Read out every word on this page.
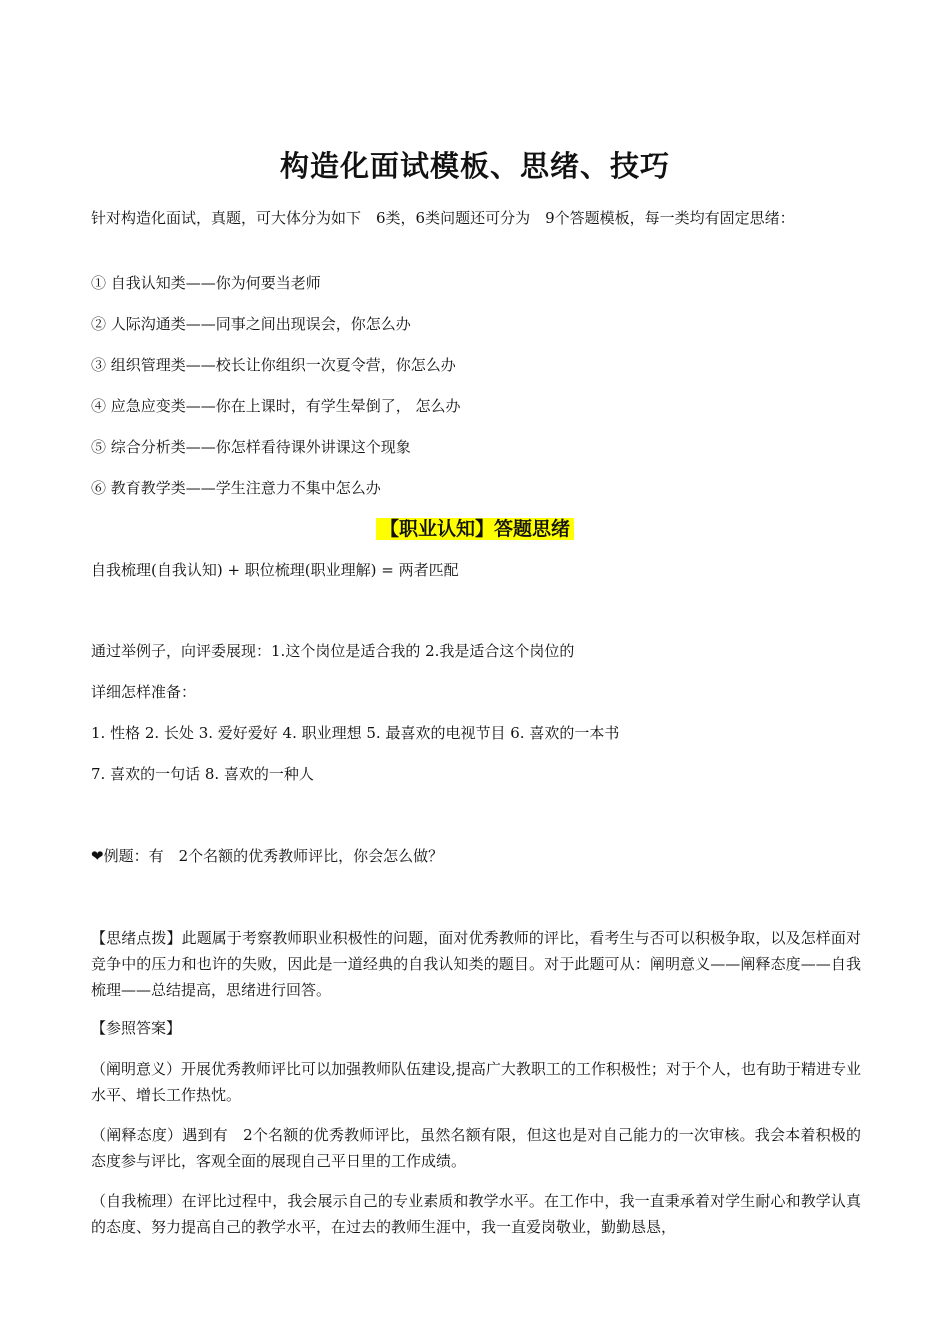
构造化面试模板、思绪、技巧
针对构造化面试，真题，可大体分为如下　6类，6类问题还可分为　9个答题模板，每一类均有固定思绪：
① 自我认知类——你为何要当老师
② 人际沟通类——同事之间出现误会，你怎么办
③ 组织管理类——校长让你组织一次夏令营，你怎么办
④ 应急应变类——你在上课时，有学生晕倒了， 怎么办
⑤ 综合分析类——你怎样看待课外讲课这个现象
⑥ 教育教学类——学生注意力不集中怎么办
【职业认知】答题思绪
自我梳理(自我认知) + 职位梳理(职业理解) = 两者匹配
通过举例子，向评委展现：1.这个岗位是适合我的 2.我是适合这个岗位的
详细怎样准备：
1. 性格 2. 长处 3. 爱好爱好 4. 职业理想 5. 最喜欢的电视节目 6. 喜欢的一本书
7. 喜欢的一句话 8. 喜欢的一种人
❤例题：有　2个名额的优秀教师评比，你会怎么做？
【思绪点拨】此题属于考察教师职业积极性的问题，面对优秀教师的评比，看考生与否可以积极争取，以及怎样面对竞争中的压力和也许的失败，因此是一道经典的自我认知类的题目。对于此题可从：阐明意义——阐释态度——自我梳理——总结提高，思绪进行回答。
【参照答案】
（阐明意义）开展优秀教师评比可以加强教师队伍建设,提高广大教职工的工作积极性；对于个人，也有助于精进专业水平、增长工作热忱。
（阐释态度）遇到有　2个名额的优秀教师评比，虽然名额有限，但这也是对自己能力的一次审核。我会本着积极的态度参与评比，客观全面的展现自己平日里的工作成绩。
（自我梳理）在评比过程中，我会展示自己的专业素质和教学水平。在工作中，我一直秉承着对学生耐心和教学认真的态度、努力提高自己的教学水平，在过去的教师生涯中，我一直爱岗敬业，勤勤恳恳，
